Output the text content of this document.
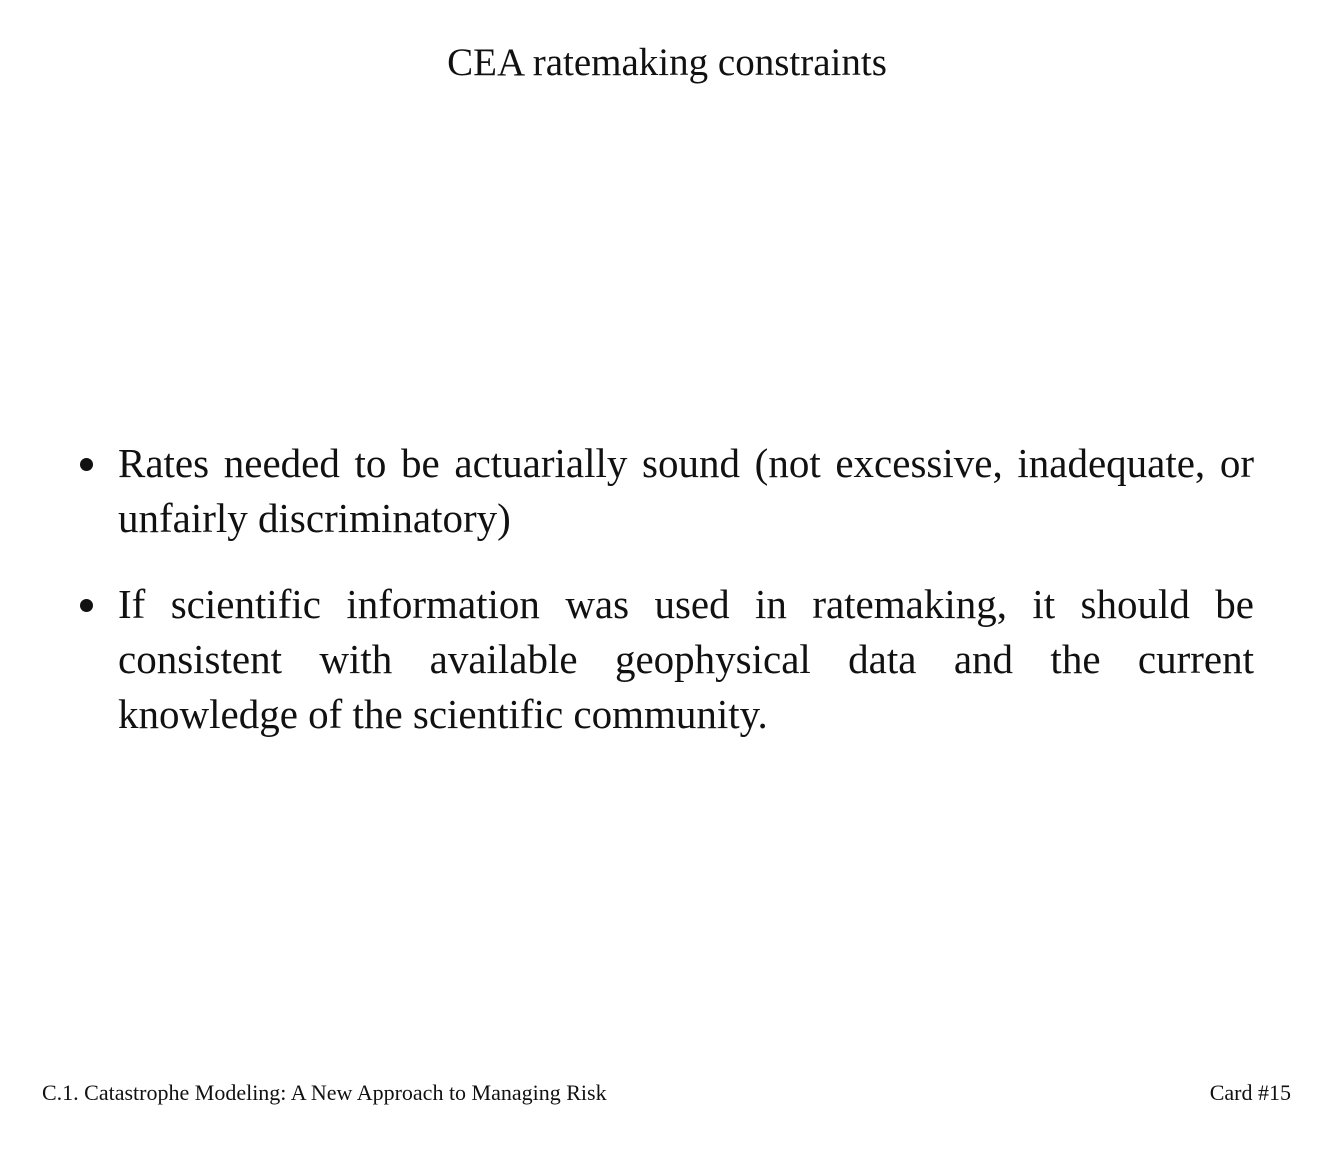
CEA ratemaking constraints
Rates needed to be actuarially sound (not excessive, inadequate, or unfairly discriminatory)
If scientific information was used in ratemaking, it should be consistent with available geophysical data and the current knowledge of the scientific community.
C.1. Catastrophe Modeling: A New Approach to Managing Risk	Card #15
